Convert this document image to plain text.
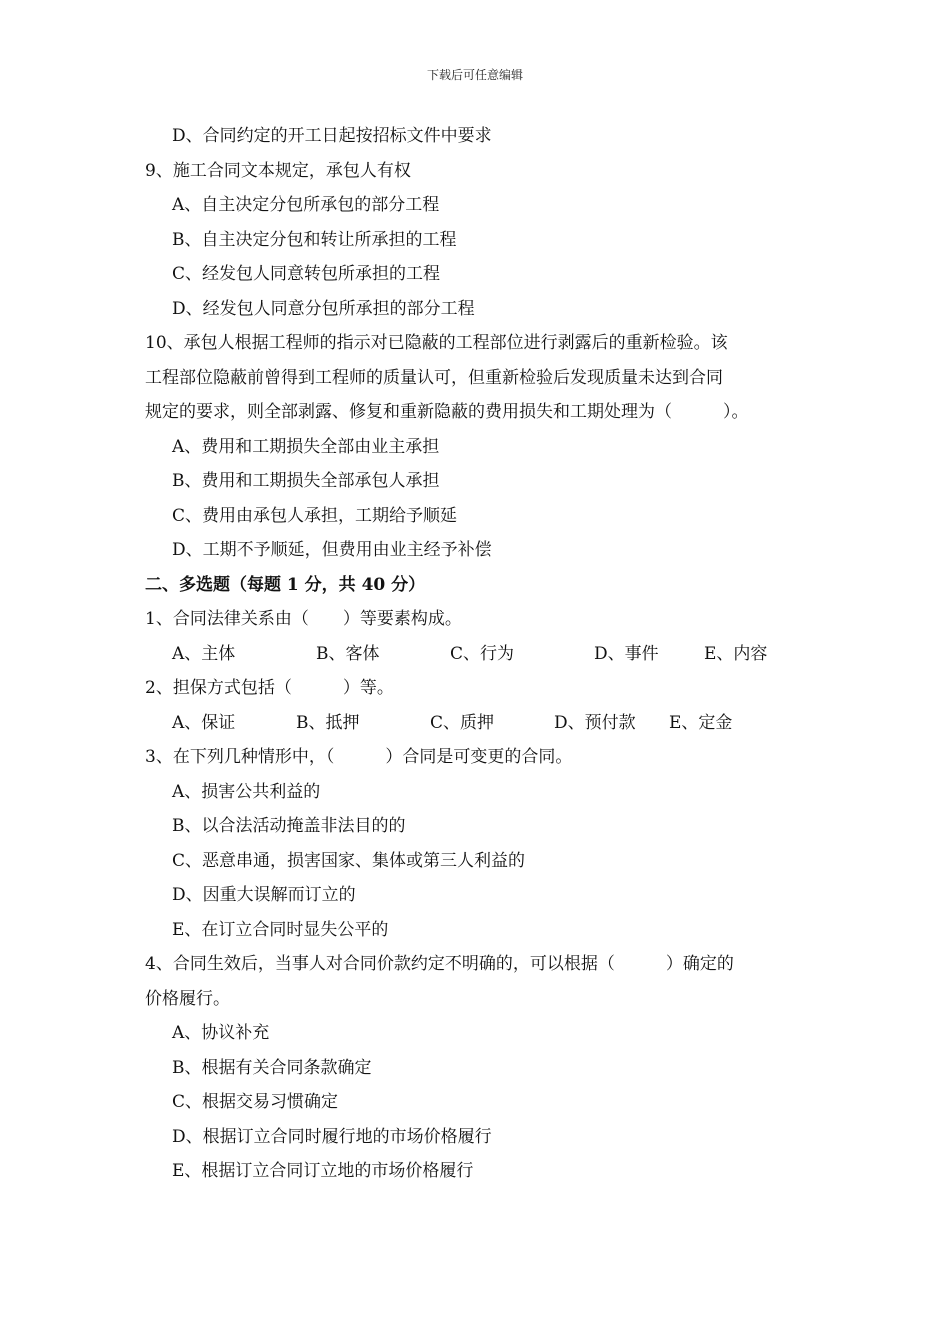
下载后可任意编辑
D、合同约定的开工日起按招标文件中要求
9、施工合同文本规定，承包人有权
A、自主决定分包所承包的部分工程
B、自主决定分包和转让所承担的工程
C、经发包人同意转包所承担的工程
D、经发包人同意分包所承担的部分工程
10、承包人根据工程师的指示对已隐蔽的工程部位进行剥露后的重新检验。该
工程部位隐蔽前曾得到工程师的质量认可，但重新检验后发现质量未达到合同
规定的要求，则全部剥露、修复和重新隐蔽的费用损失和工期处理为（　　　）。
A、费用和工期损失全部由业主承担
B、费用和工期损失全部承包人承担
C、费用由承包人承担，工期给予顺延
D、工期不予顺延，但费用由业主经予补偿
二、多选题（每题 1 分，共 40 分）
1、合同法律关系由（　　）等要素构成。
A、主体	B、客体	C、行为	D、事件	E、内容
2、担保方式包括（　　　）等。
A、保证	B、抵押	C、质押	D、预付款	E、定金
3、在下列几种情形中，（　　　）合同是可变更的合同。
A、损害公共利益的
B、以合法活动掩盖非法目的的
C、恶意串通，损害国家、集体或第三人利益的
D、因重大误解而订立的
E、在订立合同时显失公平的
4、合同生效后，当事人对合同价款约定不明确的，可以根据（　　　）确定的
价格履行。
A、协议补充
B、根据有关合同条款确定
C、根据交易习惯确定
D、根据订立合同时履行地的市场价格履行
E、根据订立合同订立地的市场价格履行
